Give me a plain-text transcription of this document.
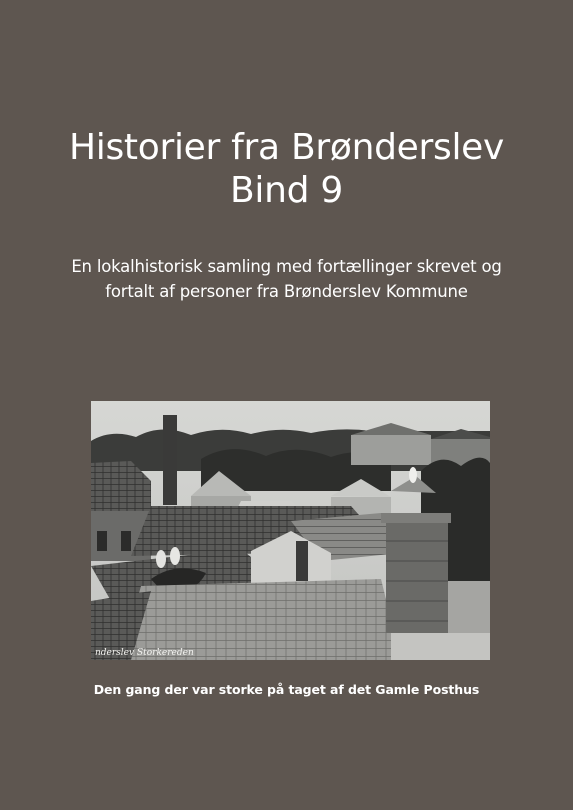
Historier fra Brønderslev
Bind 9

En lokalhistorisk samling med fortællinger skrevet og
fortalt af personer fra Brønderslev Kommune

nderslev Storkereden

Den gang der var storke på taget af det Gamle Posthus
